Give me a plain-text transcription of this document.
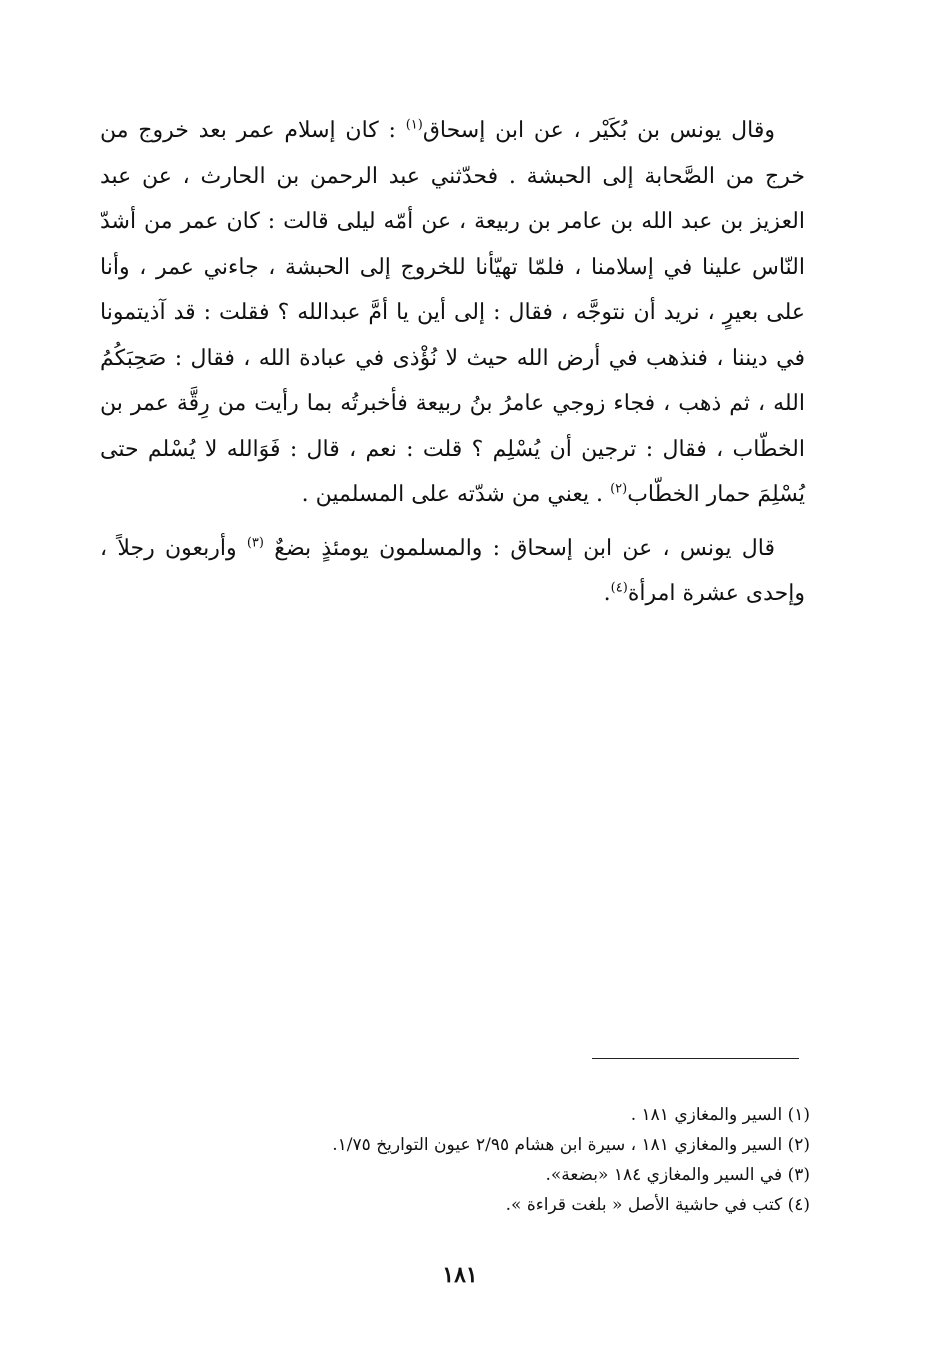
وقال يونس بن بُكَيْر ، عن ابن إسحاق$^{(١)}$ : كان إسلام عمر بعد خروج من خرج من الصَّحابة إلى الحبشة . فحدّثني عبد الرحمن بن الحارث ، عن عبد العزيز بن عبد الله بن عامر بن ربيعة ، عن أمّه ليلى قالت : كان عمر من أشدّ النّاس علينا في إسلامنا ، فلمّا تهيّأنا للخروج إلى الحبشة ، جاءني عمر ، وأنا على بعيرٍ ، نريد أن نتوجَّه ، فقال : إلى أين يا أمَّ عبدالله ؟ فقلت : قد آذيتمونا في ديننا ، فنذهب في أرض الله حيث لا نُؤْذى في عبادة الله ، فقال : صَحِبَكُمُ الله ، ثم ذهب ، فجاء زوجي عامرُ بنُ ربيعة فأخبرتُه بما رأيت من رِقَّة عمر بن الخطّاب ، فقال : ترجين أن يُسْلِم ؟ قلت : نعم ، قال : فَوَالله لا يُسْلم حتى يُسْلِمَ حمار الخطّاب$^{(٢)}$ . يعني من شدّته على المسلمين .

قال يونس ، عن ابن إسحاق : والمسلمون يومئذٍ بضعٌ $^{(٣)}$ وأربعون رجلاً ، وإحدى عشرة امرأة$^{(٤)}$.

(١) السير والمغازي ١٨١ .
(٢) السير والمغازي ١٨١ ، سيرة ابن هشام ٢/٩٥ عيون التواريخ ١/٧٥.
(٣) في السير والمغازي ١٨٤ «بضعة».
(٤) كتب في حاشية الأصل « بلغت قراءة ».
١٨١
